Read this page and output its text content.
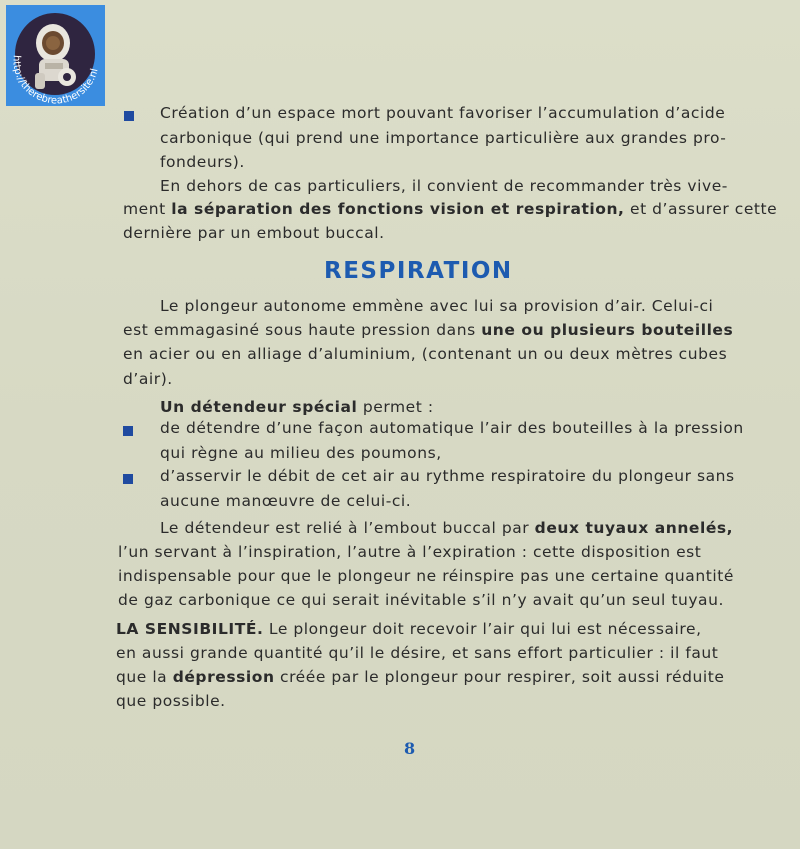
http://therebreathersite.nl
Création d’un espace mort pouvant favoriser l’accumulation d’acide
carbonique (qui prend une importance particulière aux grandes pro-
fondeurs).
En dehors de cas particuliers, il convient de recommander très vive-
ment la séparation des fonctions vision et respiration, et d’assurer cette
dernière par un embout buccal.
RESPIRATION
Le plongeur autonome emmène avec lui sa provision d’air. Celui-ci
est emmagasiné sous haute pression dans une ou plusieurs bouteilles
en acier ou en alliage d’aluminium, (contenant un ou deux mètres cubes
d’air).
Un détendeur spécial permet :
de détendre d’une façon automatique l’air des bouteilles à la pression
qui règne au milieu des poumons,
d’asservir le débit de cet air au rythme respiratoire du plongeur sans
aucune manœuvre de celui-ci.
Le détendeur est relié à l’embout buccal par deux tuyaux annelés,
l’un servant à l’inspiration, l’autre à l’expiration : cette disposition est
indispensable pour que le plongeur ne réinspire pas une certaine quantité
de gaz carbonique ce qui serait inévitable s’il n’y avait qu’un seul tuyau.
LA SENSIBILITÉ. Le plongeur doit recevoir l’air qui lui est nécessaire,
en aussi grande quantité qu’il le désire, et sans effort particulier : il faut
que la dépression créée par le plongeur pour respirer, soit aussi réduite
que possible.
8
